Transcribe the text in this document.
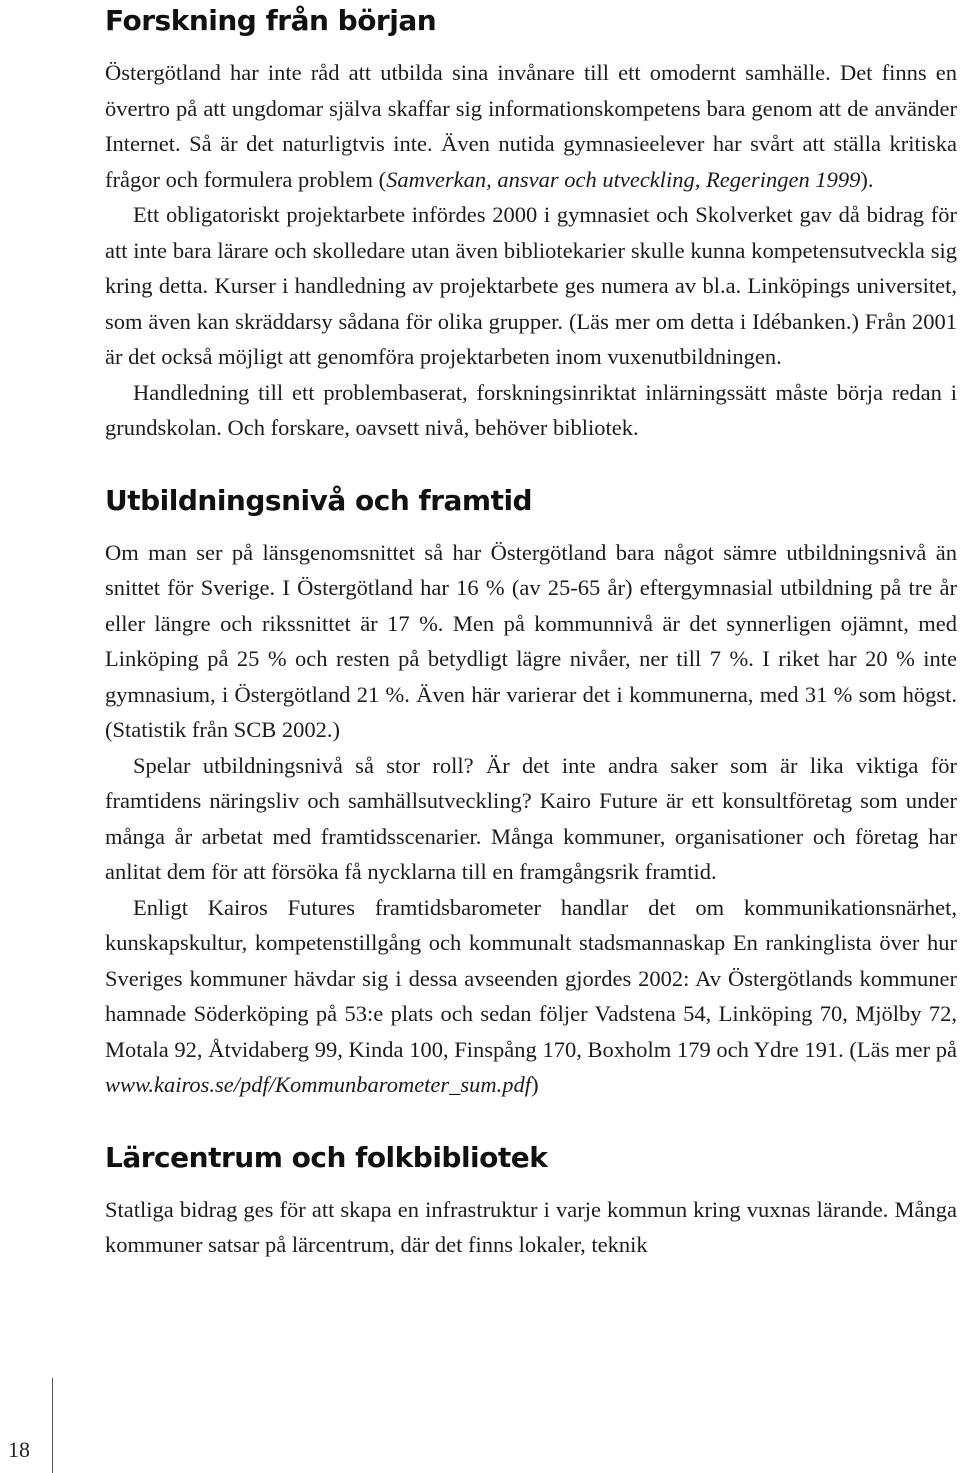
Forskning från början

Östergötland har inte råd att utbilda sina invånare till ett omodernt samhälle. Det finns en övertro på att ungdomar själva skaffar sig informationskompetens bara genom att de använder Internet. Så är det naturligtvis inte. Även nutida gymnasieelever har svårt att ställa kritiska frågor och formulera problem (Samverkan, ansvar och utveckling, Regeringen 1999).

Ett obligatoriskt projektarbete infördes 2000 i gymnasiet och Skolverket gav då bidrag för att inte bara lärare och skolledare utan även bibliotekarier skulle kunna kompetensutveckla sig kring detta. Kurser i handledning av projektarbete ges numera av bl.a. Linköpings universitet, som även kan skräddarsy sådana för olika grupper. (Läs mer om detta i Idébanken.) Från 2001 är det också möjligt att genomföra projektarbeten inom vuxenutbildningen.

Handledning till ett problembaserat, forskningsinriktat inlärningssätt måste börja redan i grundskolan. Och forskare, oavsett nivå, behöver bibliotek.

Utbildningsnivå och framtid

Om man ser på länsgenomsnittet så har Östergötland bara något sämre utbildningsnivå än snittet för Sverige. I Östergötland har 16 % (av 25-65 år) eftergymnasial utbildning på tre år eller längre och rikssnittet är 17 %. Men på kommunnivå är det synnerligen ojämnt, med Linköping på 25 % och resten på betydligt lägre nivåer, ner till 7 %. I riket har 20 % inte gymnasium, i Östergötland 21 %. Även här varierar det i kommunerna, med 31 % som högst. (Statistik från SCB 2002.)

Spelar utbildningsnivå så stor roll? Är det inte andra saker som är lika viktiga för framtidens näringsliv och samhällsutveckling? Kairo Future är ett konsultföretag som under många år arbetat med framtidsscenarier. Många kommuner, organisationer och företag har anlitat dem för att försöka få nycklarna till en framgångsrik framtid.

Enligt Kairos Futures framtidsbarometer handlar det om kommunikationsnärhet, kunskapskultur, kompetenstillgång och kommunalt stadsmannaskap En rankinglista över hur Sveriges kommuner hävdar sig i dessa avseenden gjordes 2002: Av Östergötlands kommuner hamnade Söderköping på 53:e plats och sedan följer Vadstena 54, Linköping 70, Mjölby 72, Motala 92, Åtvidaberg 99, Kinda 100, Finspång 170, Boxholm 179 och Ydre 191. (Läs mer på www.kairos.se/pdf/Kommunbarometer_sum.pdf)

Lärcentrum och folkbibliotek

Statliga bidrag ges för att skapa en infrastruktur i varje kommun kring vuxnas lärande. Många kommuner satsar på lärcentrum, där det finns lokaler, teknik

18
